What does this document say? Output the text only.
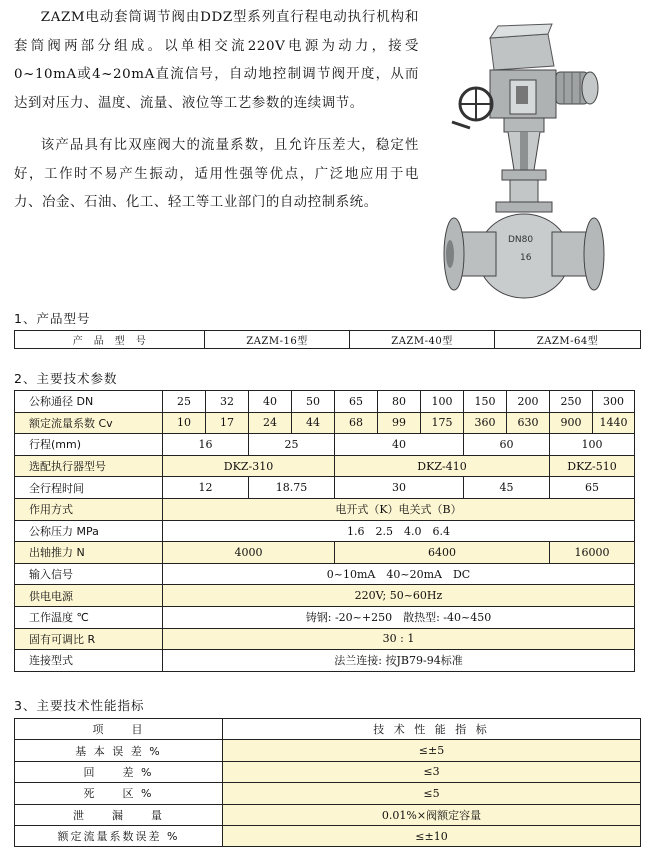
ZAZM电动套筒调节阀由DDZ型系列直行程电动执行机构和套筒阀两部分组成。以单相交流220V电源为动力，接受0~10mA或4~20mA直流信号，自动地控制调节阀开度，从而达到对压力、温度、流量、液位等工艺参数的连续调节。

该产品具有比双座阀大的流量系数，且允许压差大，稳定性好，工作时不易产生振动，适用性强等优点，广泛地应用于电力、冶金、石油、化工、轻工等工业部门的自动控制系统。

DN80
16
1、产品型号
产　品　型　号	ZAZM-16型	ZAZM-40型	ZAZM-64型
2、主要技术参数
公称通径 DN	25	32	40	50	65	80	100	150	200	250	300
额定流量系数 Cv	10	17	24	44	68	99	175	360	630	900	1440
行程(mm)	16		25		40			60		100	
选配执行器型号	DKZ-310				DKZ-410					DKZ-510	
全行程时间	12		18.75		30			45		65	
作用方式	电开式（K）电关式（B）										
公称压力 MPa	1.6　2.5　4.0　6.4										
出轴推力 N	4000				6400					16000	
输入信号	0~10mA　40~20mA　DC										
供电电源	220V; 50~60Hz										
工作温度 ℃	铸钢: -20~+250　散热型: -40~450										
固有可调比 R	30 : 1										
连接型式	法兰连接: 按JB79-94标准										
3、主要技术性能指标
项　　目	技 术 性 能 指 标
基 本 误 差 %	≤±5
回　　差 %	≤3
死　　区 %	≤5
泄　　漏　　量	0.01%×阀额定容量
额定流量系数误差 %	≤±10
